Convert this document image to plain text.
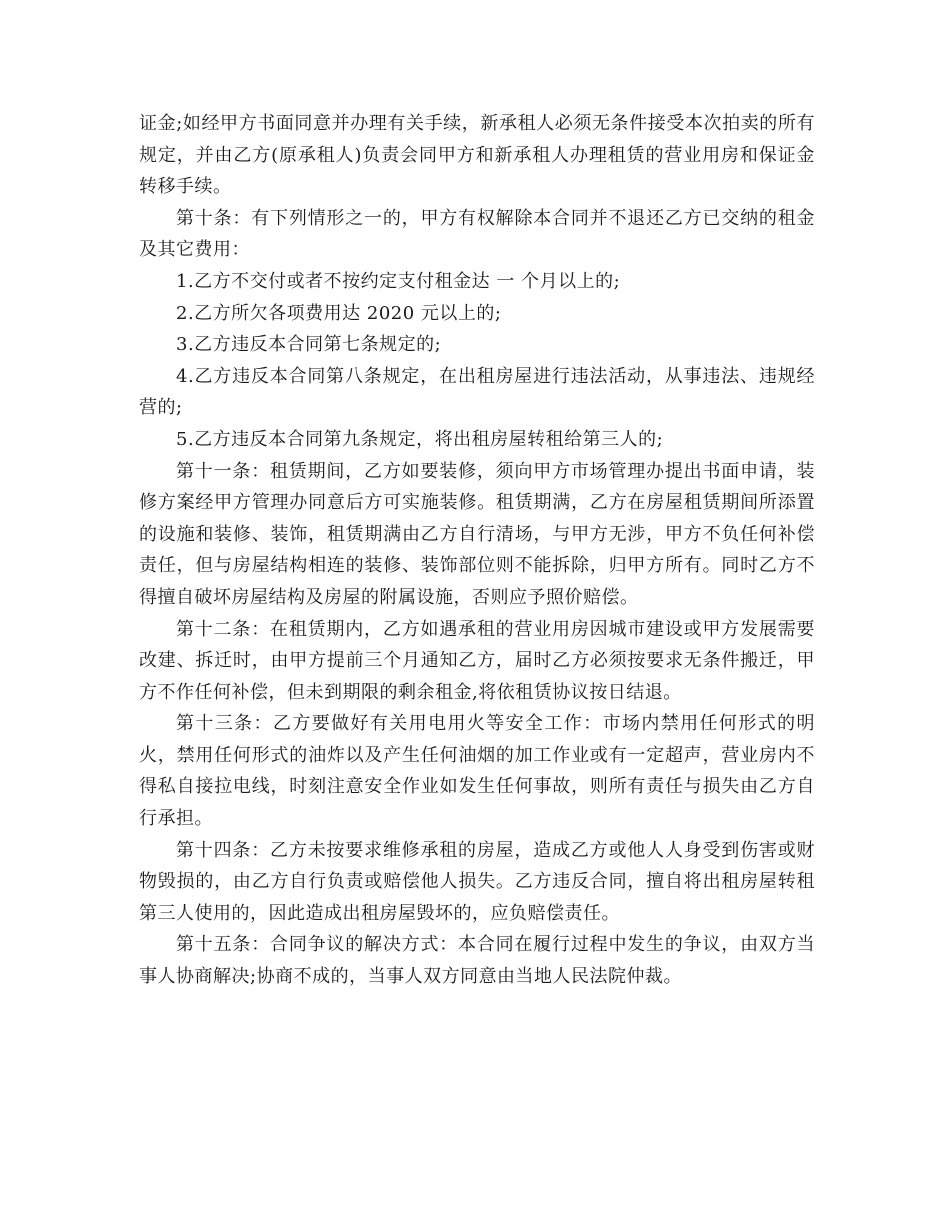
证金;如经甲方书面同意并办理有关手续，新承租人必须无条件接受本次拍卖的所有规定，并由乙方(原承租人)负责会同甲方和新承租人办理租赁的营业用房和保证金转移手续。

第十条：有下列情形之一的，甲方有权解除本合同并不退还乙方已交纳的租金及其它费用：

1.乙方不交付或者不按约定支付租金达 一 个月以上的;

2.乙方所欠各项费用达 2020 元以上的;

3.乙方违反本合同第七条规定的;

4.乙方违反本合同第八条规定，在出租房屋进行违法活动，从事违法、违规经营的;

5.乙方违反本合同第九条规定，将出租房屋转租给第三人的;

第十一条：租赁期间，乙方如要装修，须向甲方市场管理办提出书面申请，装修方案经甲方管理办同意后方可实施装修。租赁期满，乙方在房屋租赁期间所添置的设施和装修、装饰，租赁期满由乙方自行清场，与甲方无涉，甲方不负任何补偿责任，但与房屋结构相连的装修、装饰部位则不能拆除，归甲方所有。同时乙方不得擅自破坏房屋结构及房屋的附属设施，否则应予照价赔偿。

第十二条：在租赁期内，乙方如遇承租的营业用房因城市建设或甲方发展需要改建、拆迁时，由甲方提前三个月通知乙方，届时乙方必须按要求无条件搬迁，甲方不作任何补偿，但未到期限的剩余租金,将依租赁协议按日结退。

第十三条：乙方要做好有关用电用火等安全工作：市场内禁用任何形式的明火，禁用任何形式的油炸以及产生任何油烟的加工作业或有一定超声，营业房内不得私自接拉电线，时刻注意安全作业如发生任何事故，则所有责任与损失由乙方自行承担。

第十四条：乙方未按要求维修承租的房屋，造成乙方或他人人身受到伤害或财物毁损的，由乙方自行负责或赔偿他人损失。乙方违反合同，擅自将出租房屋转租第三人使用的，因此造成出租房屋毁坏的，应负赔偿责任。

第十五条：合同争议的解决方式：本合同在履行过程中发生的争议，由双方当事人协商解决;协商不成的，当事人双方同意由当地人民法院仲裁。
